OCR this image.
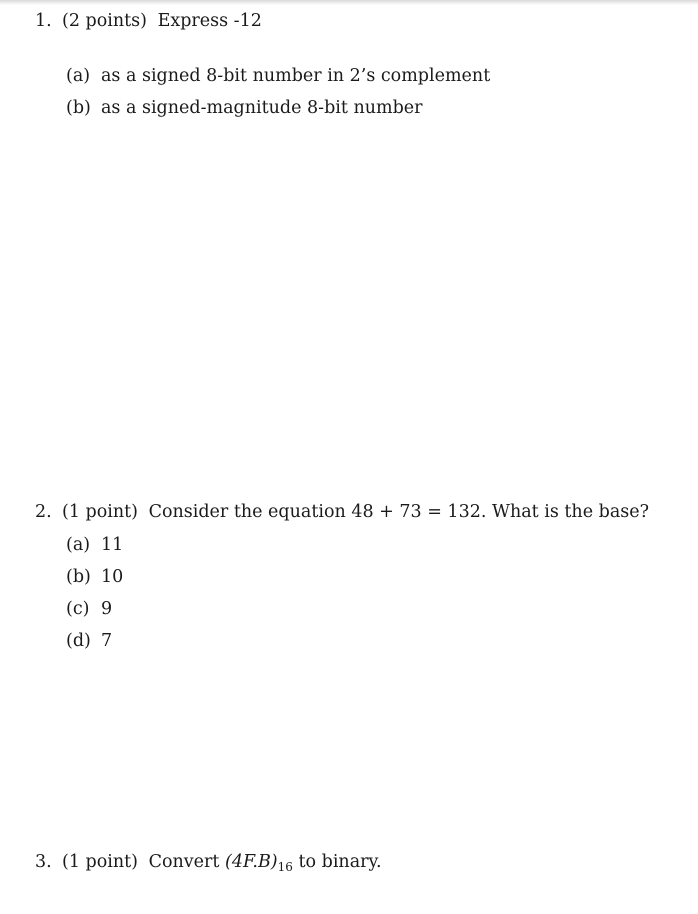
1. (2 points) Express -12
(a) as a signed 8-bit number in 2’s complement
(b) as a signed-magnitude 8-bit number
2. (1 point) Consider the equation 48 + 73 = 132. What is the base?
(a) 11
(b) 10
(c) 9
(d) 7
3. (1 point) Convert $(4F.B)_{16}$ to binary.
